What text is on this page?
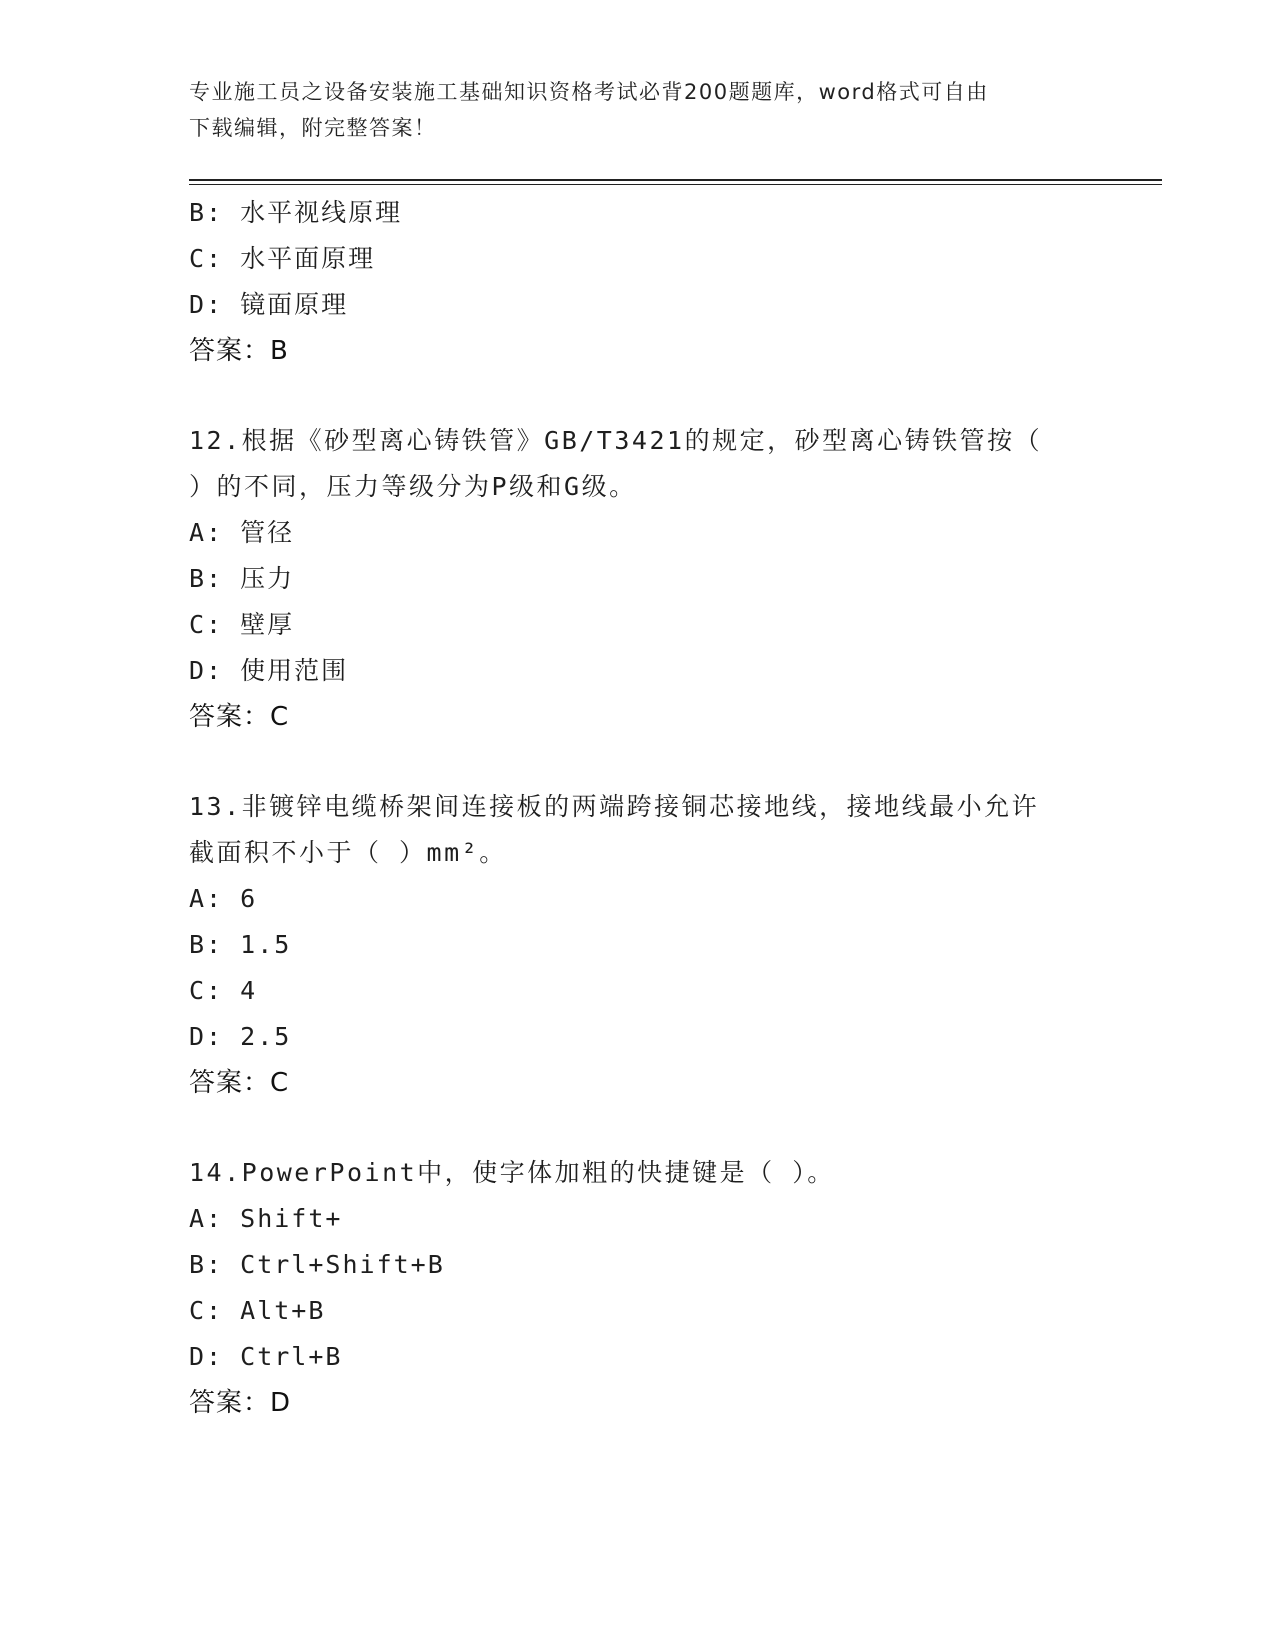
专业施工员之设备安装施工基础知识资格考试必背200题题库，word格式可自由
下载编辑，附完整答案！
B: 水平视线原理
C: 水平面原理
D: 镜面原理
答案：B
12.根据《砂型离心铸铁管》GB/T3421的规定，砂型离心铸铁管按（
）的不同，压力等级分为P级和G级。
A: 管径
B: 压力
C: 壁厚
D: 使用范围
答案：C
13.非镀锌电缆桥架间连接板的两端跨接铜芯接地线，接地线最小允许
截面积不小于（ ）mm²。
A: 6
B: 1.5
C: 4
D: 2.5
答案：C
14.PowerPoint中，使字体加粗的快捷键是（ ）。
A: Shift+
B: Ctrl+Shift+B
C: Alt+B
D: Ctrl+B
答案：D
